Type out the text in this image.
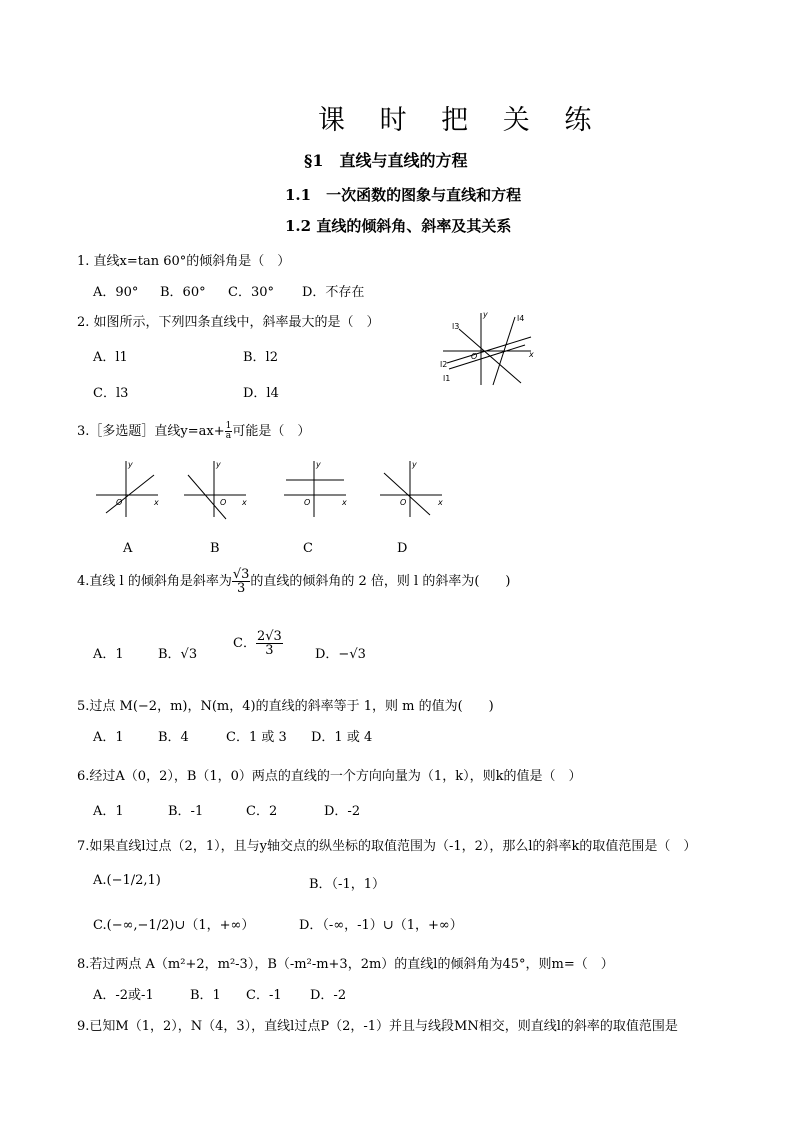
课 时 把 关 练
§1　直线与直线的方程
1.1　一次函数的图象与直线和方程
1.2 直线的倾斜角、斜率及其关系
1. 直线x=tan 60°的倾斜角是（　）
A．90° B．60° C．30° D．不存在
2. 如图所示，下列四条直线中，斜率最大的是（　）
A．l1	B．l2
C．l3	D．l4
l3
y	l4
O	x
l2
l1
3.［多选题］直线$y=ax+ \frac{1}{a}$ 可能是（　）
y
O	x
y
O x
y
O	x
y
O	x
A	B	C	D
4.直线 l 的倾斜角是斜率为 $\frac{√3}{3}$ 的直线的倾斜角的 2 倍，则 l 的斜率为(　　)
A．1	B．√3
C． $\frac{2√3}{3}$ D．−√3
5.过点 M(−2，m)，N(m，4)的直线的斜率等于 1，则 m 的值为(　　)
A．1	B．4	C．1 或 3 D．1 或 4
6.经过A（0，2），B（1，0）两点的直线的一个方向向量为（1，k），则k的值是（　）
A．1	B．-1	C．2	D．-2
7.如果直线l过点（2，1），且与y轴交点的纵坐标的取值范围为（-1，2），那么l的斜率k的取值范围是（　）
A.(−1/2,1)	B．（-1，1）
C.(−∞,−1/2)∪（1，+∞）	D．（-∞，-1）∪（1，+∞）
8.若过两点 A（m²+2，m²-3），B（-m²-m+3，2m）的直线l的倾斜角为45°，则m=（　）
A．-2或-1	B．1 C．-1 D．-2
9.已知M（1，2），N（4，3），直线l过点P（2，-1）并且与线段MN相交，则直线l的斜率的取值范围是
